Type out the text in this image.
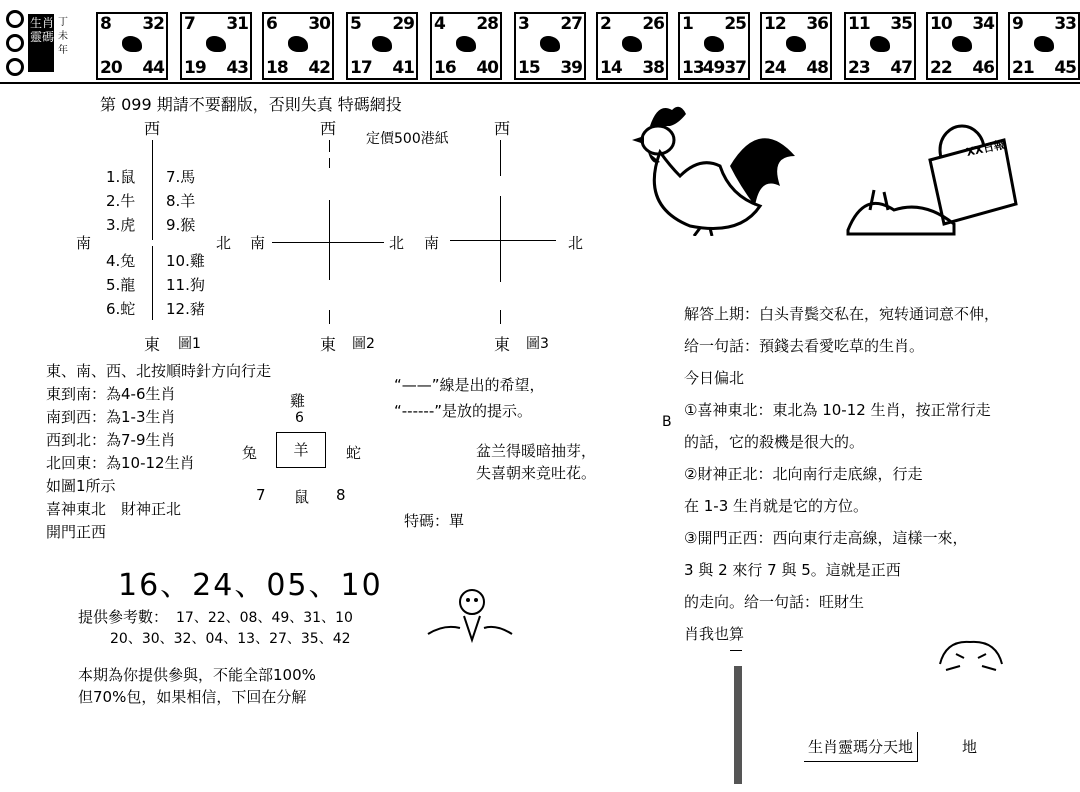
生肖靈碼
丁未年
8 32
20 44
7 31
19 43
6 30
18 42
5 29
17 41
4 28
16 40
3 27
15 39
2 26
14 38
1 25
13 4937
12 36
24 48
11 35
23 47
10 34
22 46
9 33
21 45
第 099 期請不要翻版，否則失真 特碼網投
定價500港紙
西
南	北
東 圖1
1.鼠
2.牛
3.虎
4.兔
5.龍
6.蛇
7.馬
8.羊
9.猴
10.雞
11.狗
12.豬
西
南	北
東 圖2
西
南	北
東 圖3
東、南、西、北按順時針方向行走
東到南：為4-6生肖
南到西：為1-3生肖
西到北：為7-9生肖
北回東：為10-12生肖
如圖1所示
喜神東北　財神正北
開門正西
雞
6
兔	羊	蛇
7 鼠 8
“——”線是出的希望，
“------”是放的提示。
盆兰得暖暗抽芽，
失喜朝来竞吐花。
特碼：單
B
16、24、05、10
提供參考數： 17、22、08、49、31、10
20、30、32、04、13、27、35、42
本期為你提供參與，不能全部100%
但70%包，如果相信，下回在分解
XX日報
解答上期：白头青鬓交私在，宛转通词意不伸，
给一句話：預錢去看愛吃草的生肖。
今日偏北
①喜神東北：東北為 10-12 生肖，按正常行走
的話，它的殺機是很大的。
②財神正北：北向南行走底線，行走
在 1-3 生肖就是它的方位。
③開門正西：西向東行走高線，這樣一來，
3 與 2 來行 7 與 5。這就是正西
的走向。给一句話：旺財生
肖我也算
生肖靈瑪分天地	地
